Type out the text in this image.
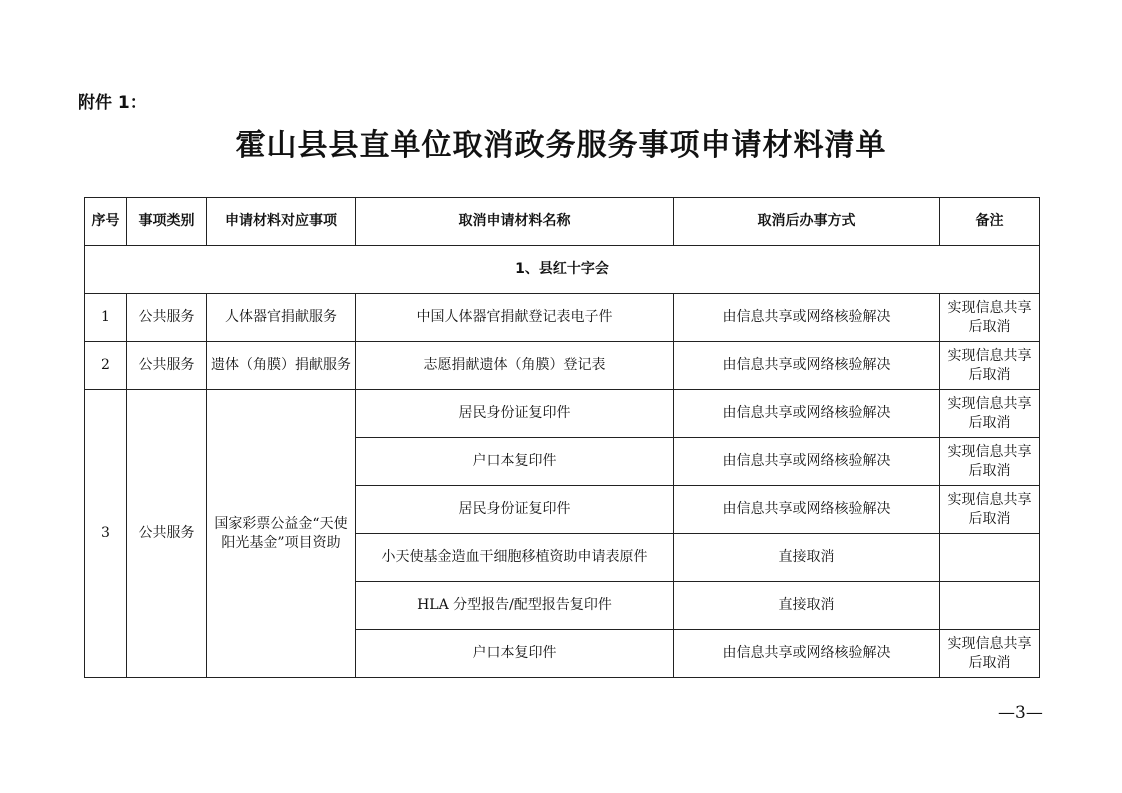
附件 1：
霍山县县直单位取消政务服务事项申请材料清单
序号	事项类别	申请材料对应事项	取消申请材料名称	取消后办事方式	备注
1、县红十字会					
1	公共服务	人体器官捐献服务	中国人体器官捐献登记表电子件	由信息共享或网络核验解决	实现信息共享后取消
2	公共服务	遗体（角膜）捐献服务	志愿捐献遗体（角膜）登记表	由信息共享或网络核验解决	实现信息共享后取消
3	公共服务	国家彩票公益金“天使阳光基金”项目资助	居民身份证复印件	由信息共享或网络核验解决	实现信息共享后取消
			户口本复印件	由信息共享或网络核验解决	实现信息共享后取消
			居民身份证复印件	由信息共享或网络核验解决	实现信息共享后取消
			小天使基金造血干细胞移植资助申请表原件	直接取消	
			HLA 分型报告/配型报告复印件	直接取消	
			户口本复印件	由信息共享或网络核验解决	实现信息共享后取消
—3—
